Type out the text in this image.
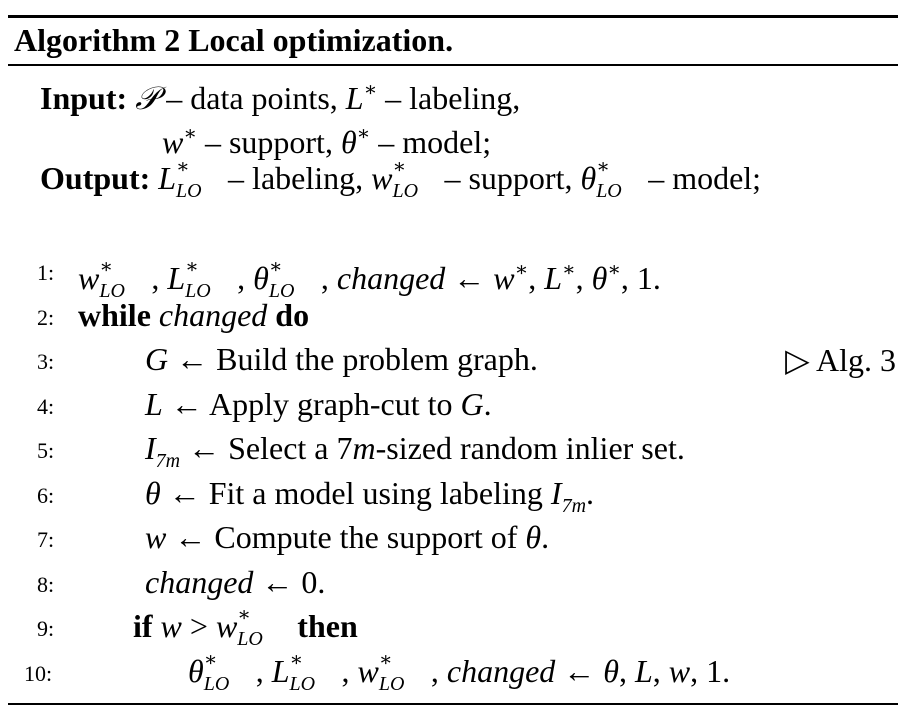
Algorithm 2 Local optimization.
Input: 𝒫 – data points, L∗ – labeling,
w∗ – support, θ∗ – model;
Output: L ∗
LO – labeling, w ∗
LO – support, θ ∗
LO – model;
1: w ∗
LO , L ∗
LO , θ ∗
LO , changed ← w∗, L∗, θ∗, 1.
2: while changed do
3:	G ← Build the problem graph.	▷ Alg. 3
4:	L ← Apply graph-cut to G.
5:	$I_{7m}$ ← Select a 7m-sized random inlier set.
6:	θ ← Fit a model using labeling $I_{7m}$.
7:	w ← Compute the support of θ.
8:	changed ← 0.
9: if w > w ∗
LO then
10:	θ ∗
LO , L ∗
LO , w ∗
LO , changed ← θ, L, w, 1.
